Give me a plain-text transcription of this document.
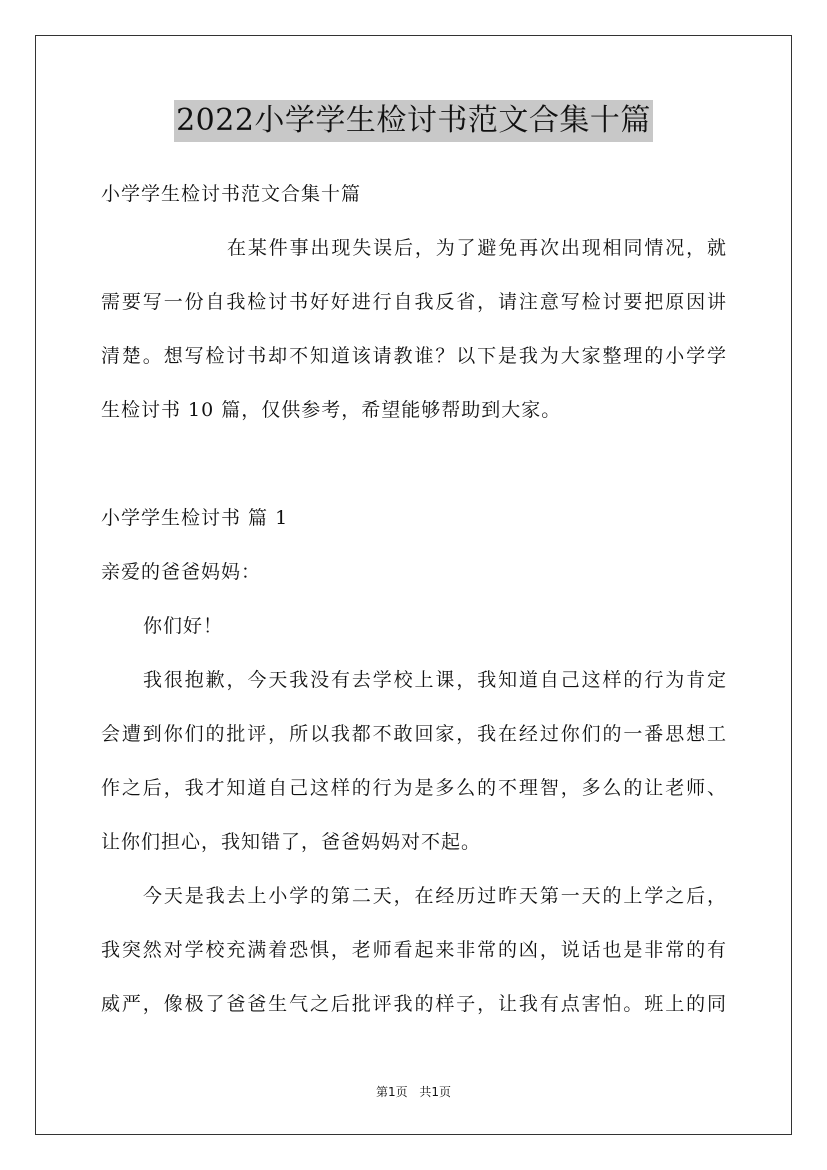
2022小学学生检讨书范文合集十篇
小学学生检讨书范文合集十篇
在某件事出现失误后，为了避免再次出现相同情况，就
需要写一份自我检讨书好好进行自我反省，请注意写检讨要把原因讲
清楚。想写检讨书却不知道该请教谁？以下是我为大家整理的小学学
生检讨书 10 篇，仅供参考，希望能够帮助到大家。
小学学生检讨书 篇 1
亲爱的爸爸妈妈：
你们好！
我很抱歉，今天我没有去学校上课，我知道自己这样的行为肯定
会遭到你们的批评，所以我都不敢回家，我在经过你们的一番思想工
作之后，我才知道自己这样的行为是多么的不理智，多么的让老师、
让你们担心，我知错了，爸爸妈妈对不起。
今天是我去上小学的第二天，在经历过昨天第一天的上学之后，
我突然对学校充满着恐惧，老师看起来非常的凶，说话也是非常的有
威严，像极了爸爸生气之后批评我的样子，让我有点害怕。班上的同
第1页 共1页
